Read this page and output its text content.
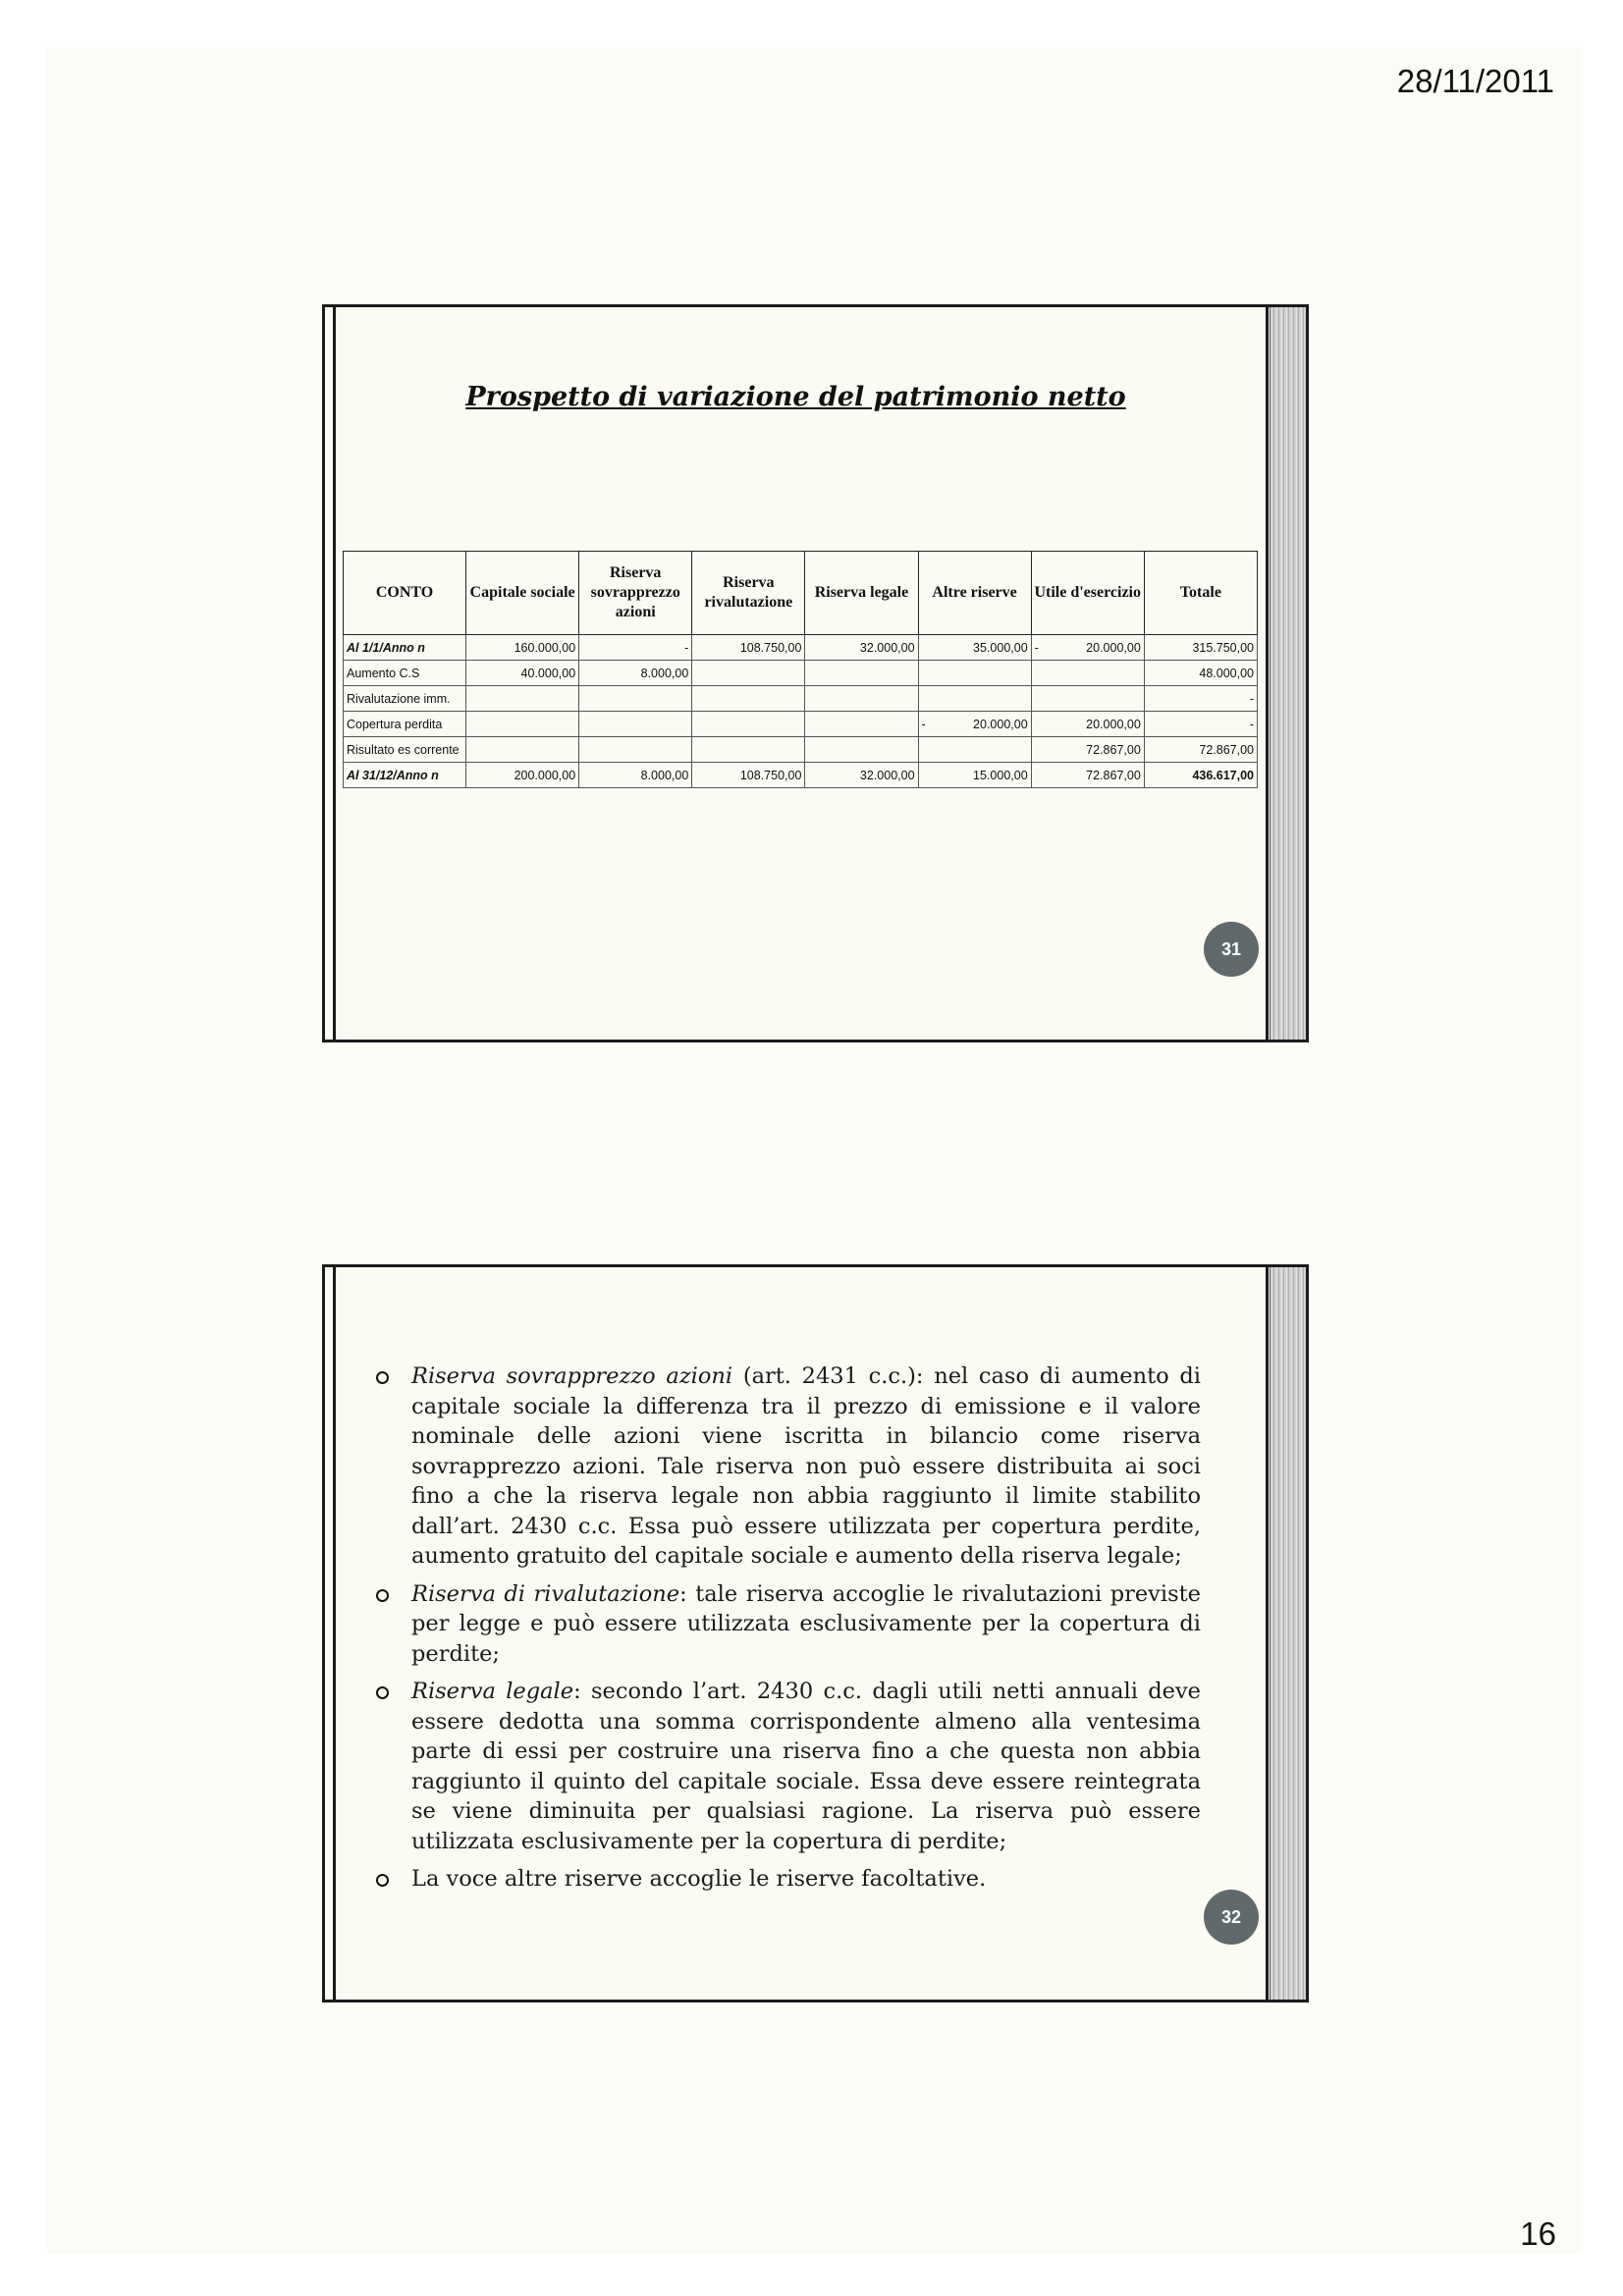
28/11/2011
Prospetto di variazione del patrimonio netto
CONTO	Capitale sociale	Riserva sovrapprezzo azioni	Riserva rivalutazione	Riserva legale	Altre riserve	Utile d'esercizio	Totale
Al 1/1/Anno n	160.000,00	-	108.750,00	32.000,00	35.000,00	- 20.000,00	315.750,00
Aumento C.S	40.000,00	8.000,00					48.000,00
Rivalutazione imm.							-
Copertura perdita					- 20.000,00	20.000,00	-
Risultato es corrente						72.867,00	72.867,00
Al 31/12/Anno n	200.000,00	8.000,00	108.750,00	32.000,00	15.000,00	72.867,00	436.617,00
31
Riserva sovrapprezzo azioni (art. 2431 c.c.): nel caso di aumento di capitale sociale la differenza tra il prezzo di emissione e il valore nominale delle azioni viene iscritta in bilancio come riserva sovrapprezzo azioni. Tale riserva non può essere distribuita ai soci fino a che la riserva legale non abbia raggiunto il limite stabilito dall’art. 2430 c.c. Essa può essere utilizzata per copertura perdite, aumento gratuito del capitale sociale e aumento della riserva legale;
Riserva di rivalutazione: tale riserva accoglie le rivalutazioni previste per legge e può essere utilizzata esclusivamente per la copertura di perdite;
Riserva legale: secondo l’art. 2430 c.c. dagli utili netti annuali deve essere dedotta una somma corrispondente almeno alla ventesima parte di essi per costruire una riserva fino a che questa non abbia raggiunto il quinto del capitale sociale. Essa deve essere reintegrata se viene diminuita per qualsiasi ragione. La riserva può essere utilizzata esclusivamente per la copertura di perdite;
La voce altre riserve accoglie le riserve facoltative.
32
16
